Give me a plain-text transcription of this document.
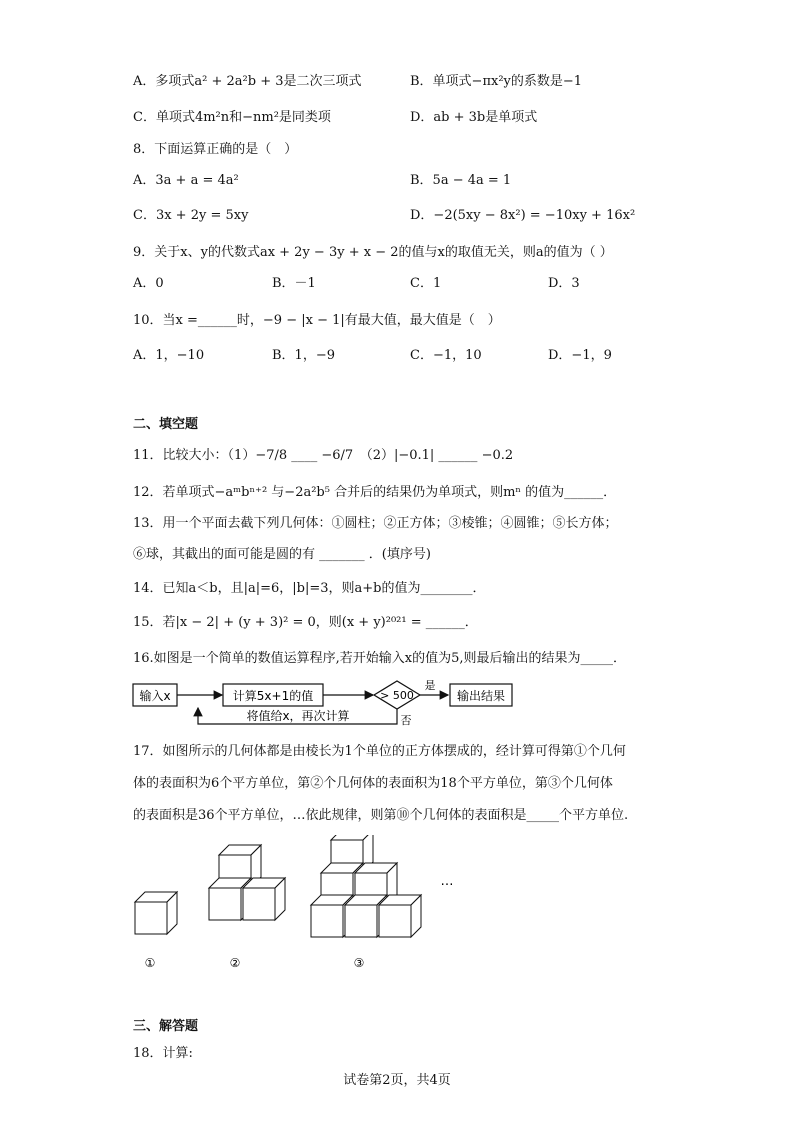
A．多项式a² + 2a²b + 3是二次三项式	B．单项式−πx²y的系数是−1
C．单项式4m²n和−nm²是同类项	D．ab + 3b是单项式
8．下面运算正确的是（　）
A．3a + a = 4a²	B．5a − 4a = 1
C．3x + 2y = 5xy	D．−2(5xy − 8x²) = −10xy + 16x²
9．关于x、y的代数式ax + 2y − 3y + x − 2的值与x的取值无关，则a的值为（ ）
A．0	B．－1	C．1	D．3
10．当x =______时，−9 − |x − 1|有最大值，最大值是（　）
A．1，−10	B．1，−9	C．−1，10	D．−1，9
二、填空题
11．比较大小：（1）−7/8 ____ −6/7　（2）|−0.1| ______ −0.2
12．若单项式−aᵐbⁿ⁺² 与−2a²b⁵ 合并后的结果仍为单项式，则mⁿ 的值为______．
13．用一个平面去截下列几何体：①圆柱；②正方体；③棱锥；④圆锥；⑤长方体；
⑥球，其截出的面可能是圆的有 _______ ．(填序号)
14．已知a＜b，且|a|=6，|b|=3，则a+b的值为________．
15．若|x − 2| + (y + 3)² = 0，则(x + y)²⁰²¹ = ______．
16.如图是一个简单的数值运算程序,若开始输入x的值为5,则最后输出的结果为_____．
输入x	计算5x+1的值	> 500
是
输出结果
否
将值给x，再次计算
17．如图所示的几何体都是由棱长为1个单位的正方体摆成的，经计算可得第①个几何
体的表面积为6个平方单位，第②个几何体的表面积为18个平方单位，第③个几何体
的表面积是36个平方单位，…依此规律，则第⑩个几何体的表面积是_____个平方单位.
①	②	③
…
三、解答题
18．计算:
试卷第2页，共4页
